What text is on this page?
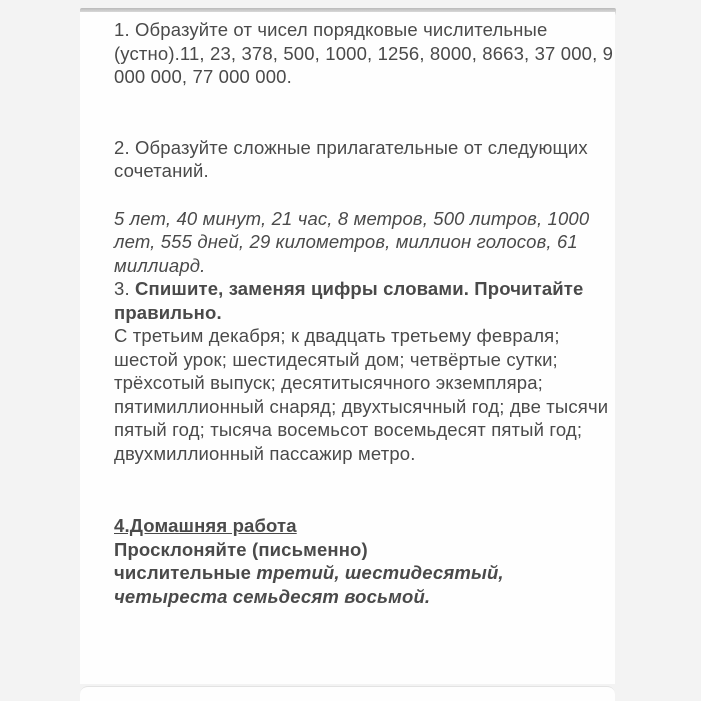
1. Образуйте от чисел порядковые числительные (устно).11, 23, 378, 500, 1000, 1256, 8000, 8663, 37 000, 9 000 000, 77 000 000.

2. Образуйте сложные прилагательные от следующих сочетаний.

5 лет, 40 минут, 21 час, 8 метров, 500 литров, 1000 лет, 555 дней, 29 километров, миллион голосов, 61 миллиард.

3. Спишите, заменяя цифры словами. Прочитайте правильно.

С третьим декабря; к двадцать третьему февраля; шестой урок; шестидесятый дом; четвёртые сутки; трёхсотый выпуск; десятитысячного экземпляра; пятимиллионный снаряд; двухтысячный год; две тысячи пятый год; тысяча восемьсот восемьдесят пятый год; двухмиллионный пассажир метро.

4.Домашняя работа

Просклоняйте (письменно)

числительные третий, шестидесятый,

четыреста семьдесят восьмой.
